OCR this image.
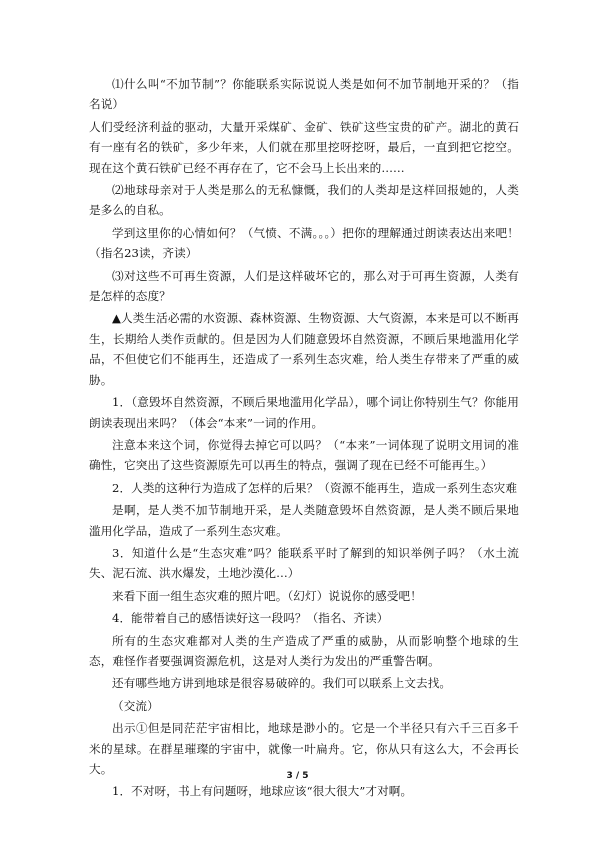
⑴什么叫“不加节制”？你能联系实际说说人类是如何不加节制地开采的？（指名说）

人们受经济利益的驱动，大量开采煤矿、金矿、铁矿这些宝贵的矿产。湖北的黄石有一座有名的铁矿，多少年来，人们就在那里挖呀挖呀，最后，一直到把它挖空。现在这个黄石铁矿已经不再存在了，它不会马上长出来的……

⑵地球母亲对于人类是那么的无私慷慨，我们的人类却是这样回报她的，人类是多么的自私。

学到这里你的心情如何？（气愤、不满。。。）把你的理解通过朗读表达出来吧！（指名23读，齐读）

⑶对这些不可再生资源，人们是这样破坏它的，那么对于可再生资源，人类有是怎样的态度？

▲人类生活必需的水资源、森林资源、生物资源、大气资源，本来是可以不断再生，长期给人类作贡献的。但是因为人们随意毁坏自然资源，不顾后果地滥用化学品，不但使它们不能再生，还造成了一系列生态灾难，给人类生存带来了严重的威胁。

1．（意毁坏自然资源，不顾后果地滥用化学品），哪个词让你特别生气？你能用朗读表现出来吗？（体会“本来”一词的作用。

注意本来这个词，你觉得去掉它可以吗？（“本来”一词体现了说明文用词的准确性，它突出了这些资源原先可以再生的特点，强调了现在已经不可能再生。）

2．人类的这种行为造成了怎样的后果？（资源不能再生，造成一系列生态灾难

是啊，是人类不加节制地开采，是人类随意毁坏自然资源，是人类不顾后果地滥用化学品，造成了一系列生态灾难。

3．知道什么是“生态灾难”吗？能联系平时了解到的知识举例子吗？（水土流失、泥石流、洪水爆发，土地沙漠化…）

来看下面一组生态灾难的照片吧。（幻灯）说说你的感受吧！

4．能带着自己的感悟读好这一段吗？（指名、齐读）

所有的生态灾难都对人类的生产造成了严重的威胁，从而影响整个地球的生态，难怪作者要强调资源危机，这是对人类行为发出的严重警告啊。

还有哪些地方讲到地球是很容易破碎的。我们可以联系上文去找。

（交流）

出示①但是同茫茫宇宙相比，地球是渺小的。它是一个半径只有六千三百多千米的星球。在群星璀璨的宇宙中，就像一叶扁舟。它，你从只有这么大，不会再长大。

1．不对呀，书上有问题呀，地球应该“很大很大”才对啊。

3 / 5
